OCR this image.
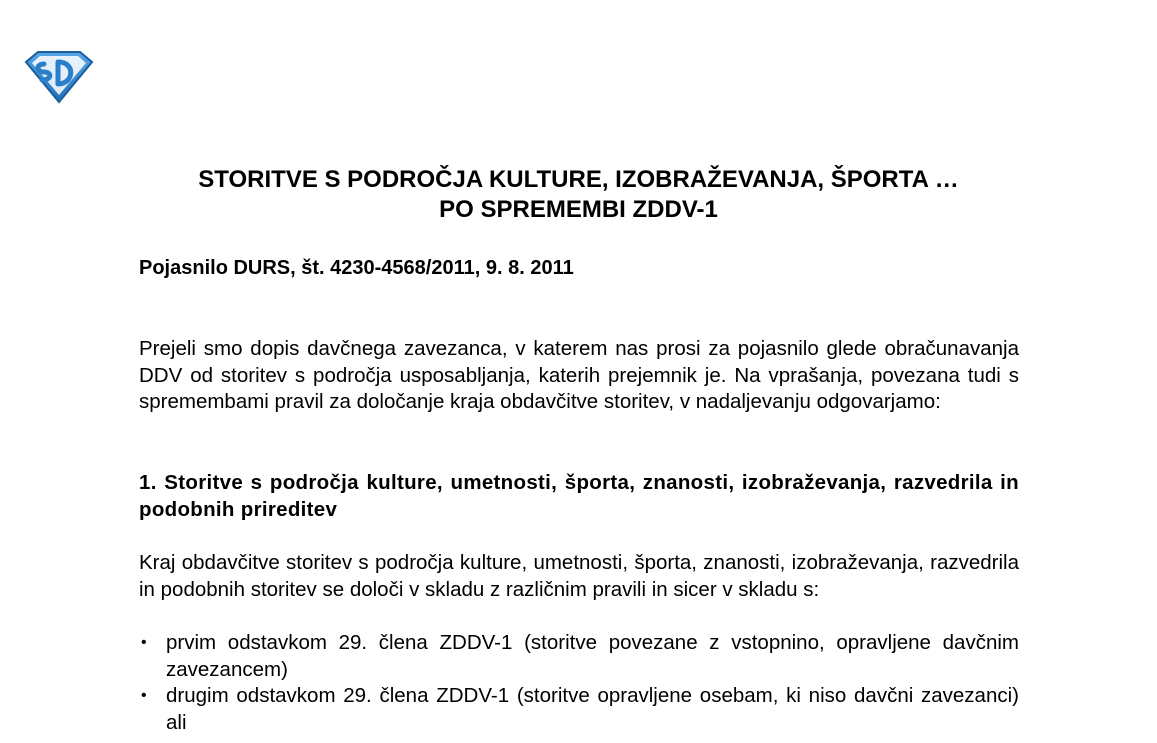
STORITVE S PODROČJA KULTURE, IZOBRAŽEVANJA, ŠPORTA …
PO SPREMEMBI ZDDV-1

Pojasnilo DURS, št. 4230-4568/2011, 9. 8. 2011

Prejeli smo dopis davčnega zavezanca, v katerem nas prosi za pojasnilo glede obračunavanja DDV od storitev s področja usposabljanja, katerih prejemnik je. Na vprašanja, povezana tudi s spremembami pravil za določanje kraja obdavčitve storitev, v nadaljevanju odgovarjamo:

1. Storitve s področja kulture, umetnosti, športa, znanosti, izobraževanja, razvedrila in podobnih prireditev

Kraj obdavčitve storitev s področja kulture, umetnosti, športa, znanosti, izobraževanja, razvedrila in podobnih storitev se določi v skladu z različnim pravili in sicer v skladu s:

• prvim odstavkom 29. člena ZDDV-1 (storitve povezane z vstopnino, opravljene davčnim zavezancem)
• drugim odstavkom 29. člena ZDDV-1 (storitve opravljene osebam, ki niso davčni zavezanci) ali
